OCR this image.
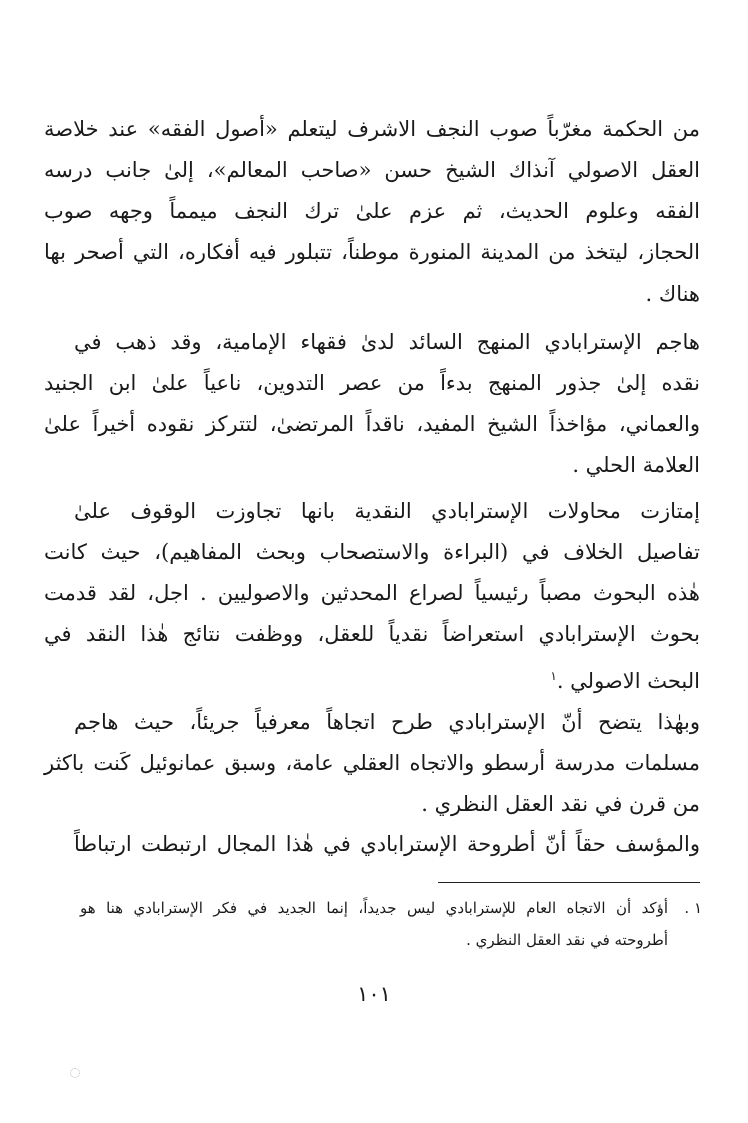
من الحكمة مغرّباً صوب النجف الاشرف ليتعلم «أصول الفقه» عند خلاصة
العقل الاصولي آنذاك الشيخ حسن «صاحب المعالم»، إلىٰ جانب درسه
الفقه وعلوم الحديث، ثم عزم علىٰ ترك النجف ميمماً وجهه صوب
الحجاز، ليتخذ من المدينة المنورة موطناً، تتبلور فيه أفكاره، التي أصحر بها
هناك .
هاجم الإسترابادي المنهج السائد لدىٰ فقهاء الإمامية، وقد ذهب في
نقده إلىٰ جذور المنهج بدءاً من عصر التدوين، ناعياً علىٰ ابن الجنيد
والعماني، مؤاخذاً الشيخ المفيد، ناقداً المرتضىٰ، لتتركز نقوده أخيراً علىٰ
العلامة الحلي .
إمتازت محاولات الإسترابادي النقدية بانها تجاوزت الوقوف علىٰ
تفاصيل الخلاف في (البراءة والاستصحاب وبحث المفاهيم)، حيث كانت
هٰذه البحوث مصباً رئيسياً لصراع المحدثين والاصوليين . اجل، لقد قدمت
بحوث الإسترابادي استعراضاً نقدياً للعقل، ووظفت نتائج هٰذا النقد في
البحث الاصولي .$^١$
وبهٰذا يتضح أنّ الإسترابادي طرح اتجاهاً معرفياً جريئاً، حيث هاجم
مسلمات مدرسة أرسطو والاتجاه العقلي عامة، وسبق عمانوئيل كَنت باكثر
من قرن في نقد العقل النظري .
والمؤسف حقاً أنّ أطروحة الإسترابادي في هٰذا المجال ارتبطت ارتباطاً
١ .
أؤكد أن الاتجاه العام للإسترابادي ليس جديداً، إنما الجديد في فكر الإسترابادي هنا هو
أطروحته في نقد العقل النظري .
١٠١
